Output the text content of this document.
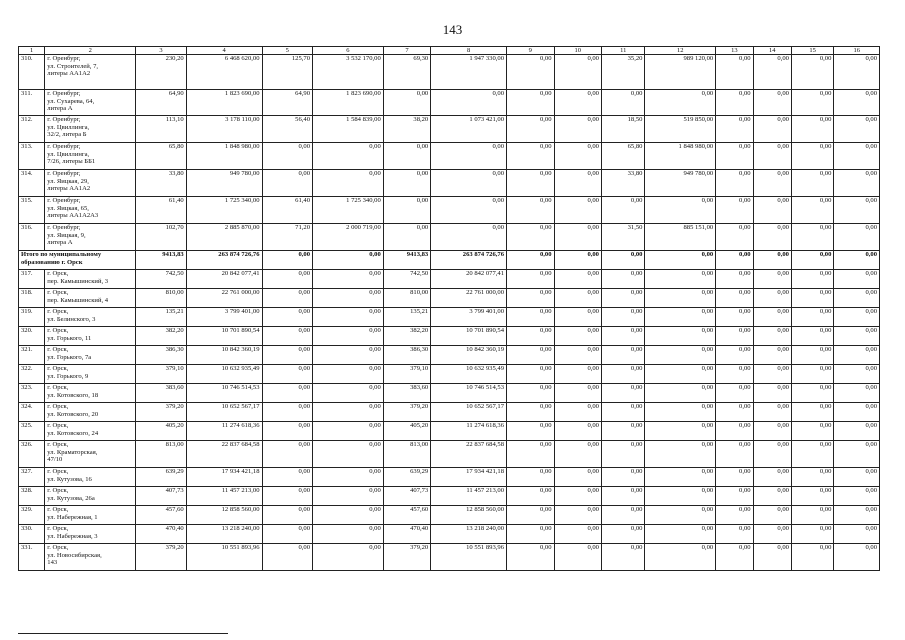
143
1	2	3	4	5	6	7	8	9	10	11	12	13	14	15	16
310.	г. Оренбург,
ул. Строителей, 7,
литеры АА1А2	230,20	6 468 620,00	125,70	3 532 170,00	69,30	1 947 330,00	0,00	0,00	35,20	989 120,00	0,00	0,00	0,00	0,00
311.	г. Оренбург,
ул. Сухарева, 64,
литера А	64,90	1 823 690,00	64,90	1 823 690,00	0,00	0,00	0,00	0,00	0,00	0,00	0,00	0,00	0,00	0,00
312.	г. Оренбург,
ул. Цвиллинга,
32/2, литера Б	113,10	3 178 110,00	56,40	1 584 839,00	38,20	1 073 421,00	0,00	0,00	18,50	519 850,00	0,00	0,00	0,00	0,00
313.	г. Оренбург,
ул. Цвиллинга,
7/26, литеры ББ1	65,80	1 848 980,00	0,00	0,00	0,00	0,00	0,00	0,00	65,80	1 848 980,00	0,00	0,00	0,00	0,00
314.	г. Оренбург,
ул. Яицкая, 29,
литеры АА1А2	33,80	949 780,00	0,00	0,00	0,00	0,00	0,00	0,00	33,80	949 780,00	0,00	0,00	0,00	0,00
315.	г. Оренбург,
ул. Яицкая, 65,
литеры АА1А2А3	61,40	1 725 340,00	61,40	1 725 340,00	0,00	0,00	0,00	0,00	0,00	0,00	0,00	0,00	0,00	0,00
316.	г. Оренбург,
ул. Яицкая, 9,
литера А	102,70	2 885 870,00	71,20	2 000 719,00	0,00	0,00	0,00	0,00	31,50	885 151,00	0,00	0,00	0,00	0,00
Итого по муниципальному образованию г. Орск		9413,83	263 874 726,76	0,00	0,00	9413,83	263 874 726,76	0,00	0,00	0,00	0,00	0,00	0,00	0,00	0,00
317.	г. Орск,
пер. Камышинский, 3	742,50	20 842 077,41	0,00	0,00	742,50	20 842 077,41	0,00	0,00	0,00	0,00	0,00	0,00	0,00	0,00
318.	г. Орск,
пер. Камышинский, 4	810,00	22 761 000,00	0,00	0,00	810,00	22 761 000,00	0,00	0,00	0,00	0,00	0,00	0,00	0,00	0,00
319.	г. Орск,
ул. Белинского, 3	135,21	3 799 401,00	0,00	0,00	135,21	3 799 401,00	0,00	0,00	0,00	0,00	0,00	0,00	0,00	0,00
320.	г. Орск,
ул. Горького, 11	382,20	10 701 890,54	0,00	0,00	382,20	10 701 890,54	0,00	0,00	0,00	0,00	0,00	0,00	0,00	0,00
321.	г. Орск,
ул. Горького, 7а	386,30	10 842 360,19	0,00	0,00	386,30	10 842 360,19	0,00	0,00	0,00	0,00	0,00	0,00	0,00	0,00
322.	г. Орск,
ул. Горького, 9	379,10	10 632 935,49	0,00	0,00	379,10	10 632 935,49	0,00	0,00	0,00	0,00	0,00	0,00	0,00	0,00
323.	г. Орск,
ул. Котовского, 18	383,60	10 746 514,53	0,00	0,00	383,60	10 746 514,53	0,00	0,00	0,00	0,00	0,00	0,00	0,00	0,00
324.	г. Орск,
ул. Котовского, 20	379,20	10 652 567,17	0,00	0,00	379,20	10 652 567,17	0,00	0,00	0,00	0,00	0,00	0,00	0,00	0,00
325.	г. Орск,
ул. Котовского, 24	405,20	11 274 618,36	0,00	0,00	405,20	11 274 618,36	0,00	0,00	0,00	0,00	0,00	0,00	0,00	0,00
326.	г. Орск,
ул. Краматорская,
47/10	813,00	22 837 684,58	0,00	0,00	813,00	22 837 684,58	0,00	0,00	0,00	0,00	0,00	0,00	0,00	0,00
327.	г. Орск,
ул. Кутузова, 16	639,29	17 934 421,18	0,00	0,00	639,29	17 934 421,18	0,00	0,00	0,00	0,00	0,00	0,00	0,00	0,00
328.	г. Орск,
ул. Кутузова, 26а	407,73	11 457 213,00	0,00	0,00	407,73	11 457 213,00	0,00	0,00	0,00	0,00	0,00	0,00	0,00	0,00
329.	г. Орск,
ул. Набережная, 1	457,60	12 858 560,00	0,00	0,00	457,60	12 858 560,00	0,00	0,00	0,00	0,00	0,00	0,00	0,00	0,00
330.	г. Орск,
ул. Набережная, 3	470,40	13 218 240,00	0,00	0,00	470,40	13 218 240,00	0,00	0,00	0,00	0,00	0,00	0,00	0,00	0,00
331.	г. Орск,
ул. Новосибирская,
143	379,20	10 551 893,96	0,00	0,00	379,20	10 551 893,96	0,00	0,00	0,00	0,00	0,00	0,00	0,00	0,00
